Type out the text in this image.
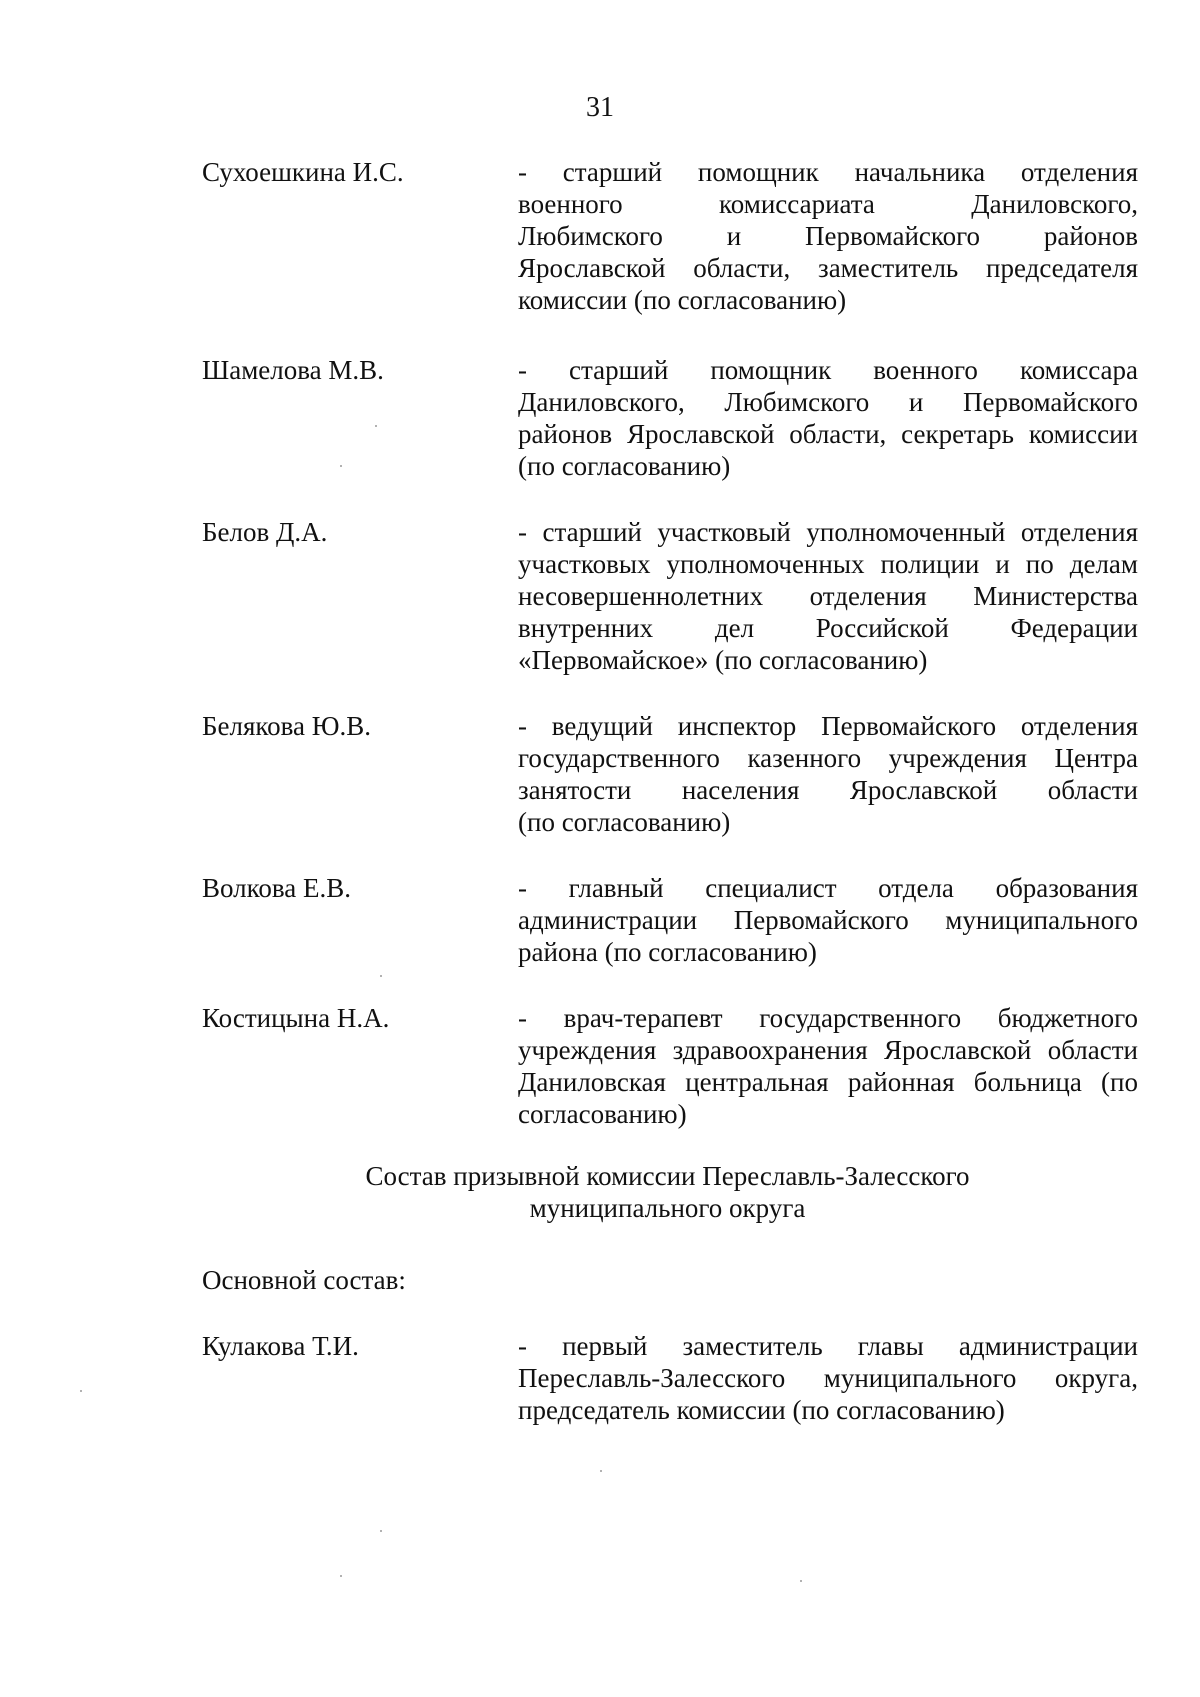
31
Сухоешкина И.С.	- старший помощник начальника отделения
военного комиссариата Даниловского,
Любимского и Первомайского районов
Ярославской области, заместитель председателя
комиссии (по согласованию)
Шамелова М.В.	- старший помощник военного комиссара
Даниловского, Любимского и Первомайского
районов Ярославской области, секретарь комиссии
(по согласованию)
Белов Д.А.	- старший участковый уполномоченный отделения
участковых уполномоченных полиции и по делам
несовершеннолетних отделения Министерства
внутренних дел Российской Федерации
«Первомайское» (по согласованию)
Белякова Ю.В.	- ведущий инспектор Первомайского отделения
государственного казенного учреждения Центра
занятости населения Ярославской области
(по согласованию)
Волкова Е.В.	- главный специалист отдела образования
администрации Первомайского муниципального
района (по согласованию)
Костицына Н.А.	- врач-терапевт государственного бюджетного
учреждения здравоохранения Ярославской области
Даниловская центральная районная больница (по
согласованию)
Состав призывной комиссии Переславль-Залесского
муниципального округа
Основной состав:
Кулакова Т.И.	- первый заместитель главы администрации
Переславль-Залесского муниципального округа,
председатель комиссии (по согласованию)
